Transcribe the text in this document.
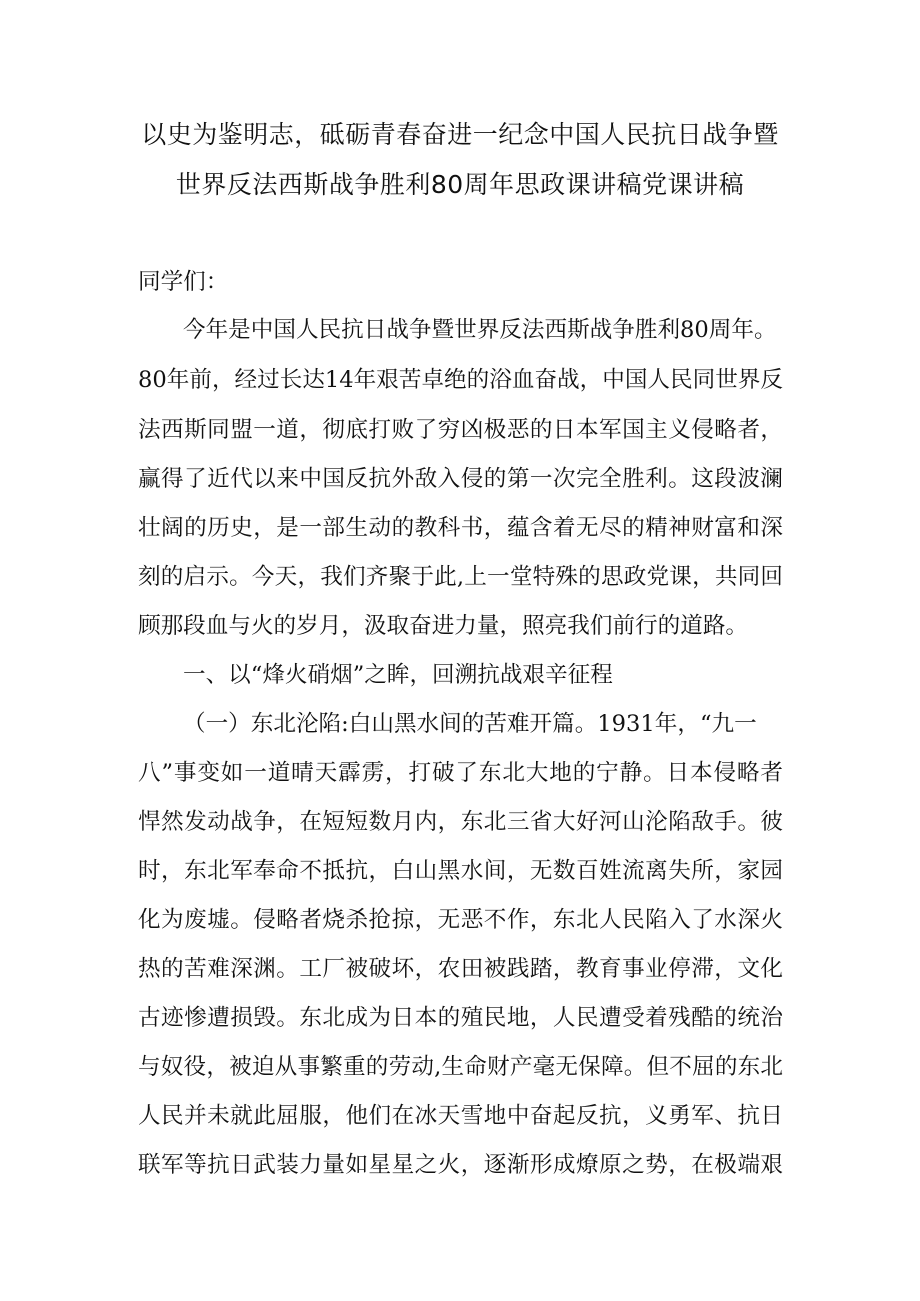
以史为鉴明志，砥砺青春奋进一纪念中国人民抗日战争暨
世界反法西斯战争胜利80周年思政课讲稿党课讲稿
同学们：
今年是中国人民抗日战争暨世界反法西斯战争胜利80周年。
80年前，经过长达14年艰苦卓绝的浴血奋战，中国人民同世界反
法西斯同盟一道，彻底打败了穷凶极恶的日本军国主义侵略者，
赢得了近代以来中国反抗外敌入侵的第一次完全胜利。这段波澜
壮阔的历史，是一部生动的教科书，蕴含着无尽的精神财富和深
刻的启示。今天，我们齐聚于此,上一堂特殊的思政党课，共同回
顾那段血与火的岁月，汲取奋进力量，照亮我们前行的道路。
一、以“烽火硝烟”之眸，回溯抗战艰辛征程
（一）东北沦陷:白山黑水间的苦难开篇。1931年，“九一
八”事变如一道晴天霹雳，打破了东北大地的宁静。日本侵略者
悍然发动战争，在短短数月内，东北三省大好河山沦陷敌手。彼
时，东北军奉命不抵抗，白山黑水间，无数百姓流离失所，家园
化为废墟。侵略者烧杀抢掠，无恶不作，东北人民陷入了水深火
热的苦难深渊。工厂被破坏，农田被践踏，教育事业停滞，文化
古迹惨遭损毁。东北成为日本的殖民地，人民遭受着残酷的统治
与奴役，被迫从事繁重的劳动,生命财产毫无保障。但不屈的东北
人民并未就此屈服，他们在冰天雪地中奋起反抗，义勇军、抗日
联军等抗日武装力量如星星之火，逐渐形成燎原之势，在极端艰
